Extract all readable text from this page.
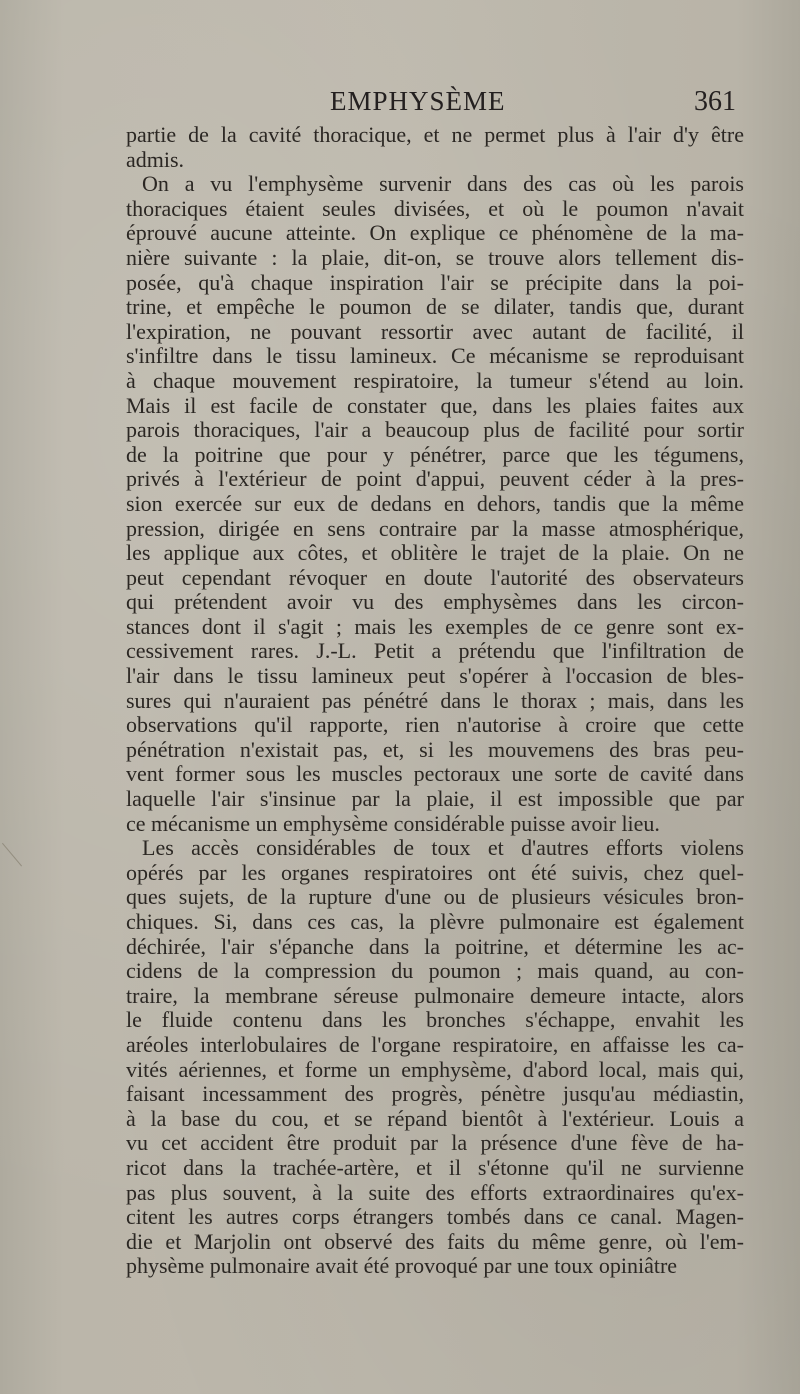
EMPHYSÈME	361
partie de la cavité thoracique, et ne permet plus à l'air d'y être
admis.
On a vu l'emphysème survenir dans des cas où les parois
thoraciques étaient seules divisées, et où le poumon n'avait
éprouvé aucune atteinte. On explique ce phénomène de la ma-
nière suivante : la plaie, dit-on, se trouve alors tellement dis-
posée, qu'à chaque inspiration l'air se précipite dans la poi-
trine, et empêche le poumon de se dilater, tandis que, durant
l'expiration, ne pouvant ressortir avec autant de facilité, il
s'infiltre dans le tissu lamineux. Ce mécanisme se reproduisant
à chaque mouvement respiratoire, la tumeur s'étend au loin.
Mais il est facile de constater que, dans les plaies faites aux
parois thoraciques, l'air a beaucoup plus de facilité pour sortir
de la poitrine que pour y pénétrer, parce que les tégumens,
privés à l'extérieur de point d'appui, peuvent céder à la pres-
sion exercée sur eux de dedans en dehors, tandis que la même
pression, dirigée en sens contraire par la masse atmosphérique,
les applique aux côtes, et oblitère le trajet de la plaie. On ne
peut cependant révoquer en doute l'autorité des observateurs
qui prétendent avoir vu des emphysèmes dans les circon-
stances dont il s'agit ; mais les exemples de ce genre sont ex-
cessivement rares. J.-L. Petit a prétendu que l'infiltration de
l'air dans le tissu lamineux peut s'opérer à l'occasion de bles-
sures qui n'auraient pas pénétré dans le thorax ; mais, dans les
observations qu'il rapporte, rien n'autorise à croire que cette
pénétration n'existait pas, et, si les mouvemens des bras peu-
vent former sous les muscles pectoraux une sorte de cavité dans
laquelle l'air s'insinue par la plaie, il est impossible que par
ce mécanisme un emphysème considérable puisse avoir lieu.
Les accès considérables de toux et d'autres efforts violens
opérés par les organes respiratoires ont été suivis, chez quel-
ques sujets, de la rupture d'une ou de plusieurs vésicules bron-
chiques. Si, dans ces cas, la plèvre pulmonaire est également
déchirée, l'air s'épanche dans la poitrine, et détermine les ac-
cidens de la compression du poumon ; mais quand, au con-
traire, la membrane séreuse pulmonaire demeure intacte, alors
le fluide contenu dans les bronches s'échappe, envahit les
aréoles interlobulaires de l'organe respiratoire, en affaisse les ca-
vités aériennes, et forme un emphysème, d'abord local, mais qui,
faisant incessamment des progrès, pénètre jusqu'au médiastin,
à la base du cou, et se répand bientôt à l'extérieur. Louis a
vu cet accident être produit par la présence d'une fève de ha-
ricot dans la trachée-artère, et il s'étonne qu'il ne survienne
pas plus souvent, à la suite des efforts extraordinaires qu'ex-
citent les autres corps étrangers tombés dans ce canal. Magen-
die et Marjolin ont observé des faits du même genre, où l'em-
physème pulmonaire avait été provoqué par une toux opiniâtre
